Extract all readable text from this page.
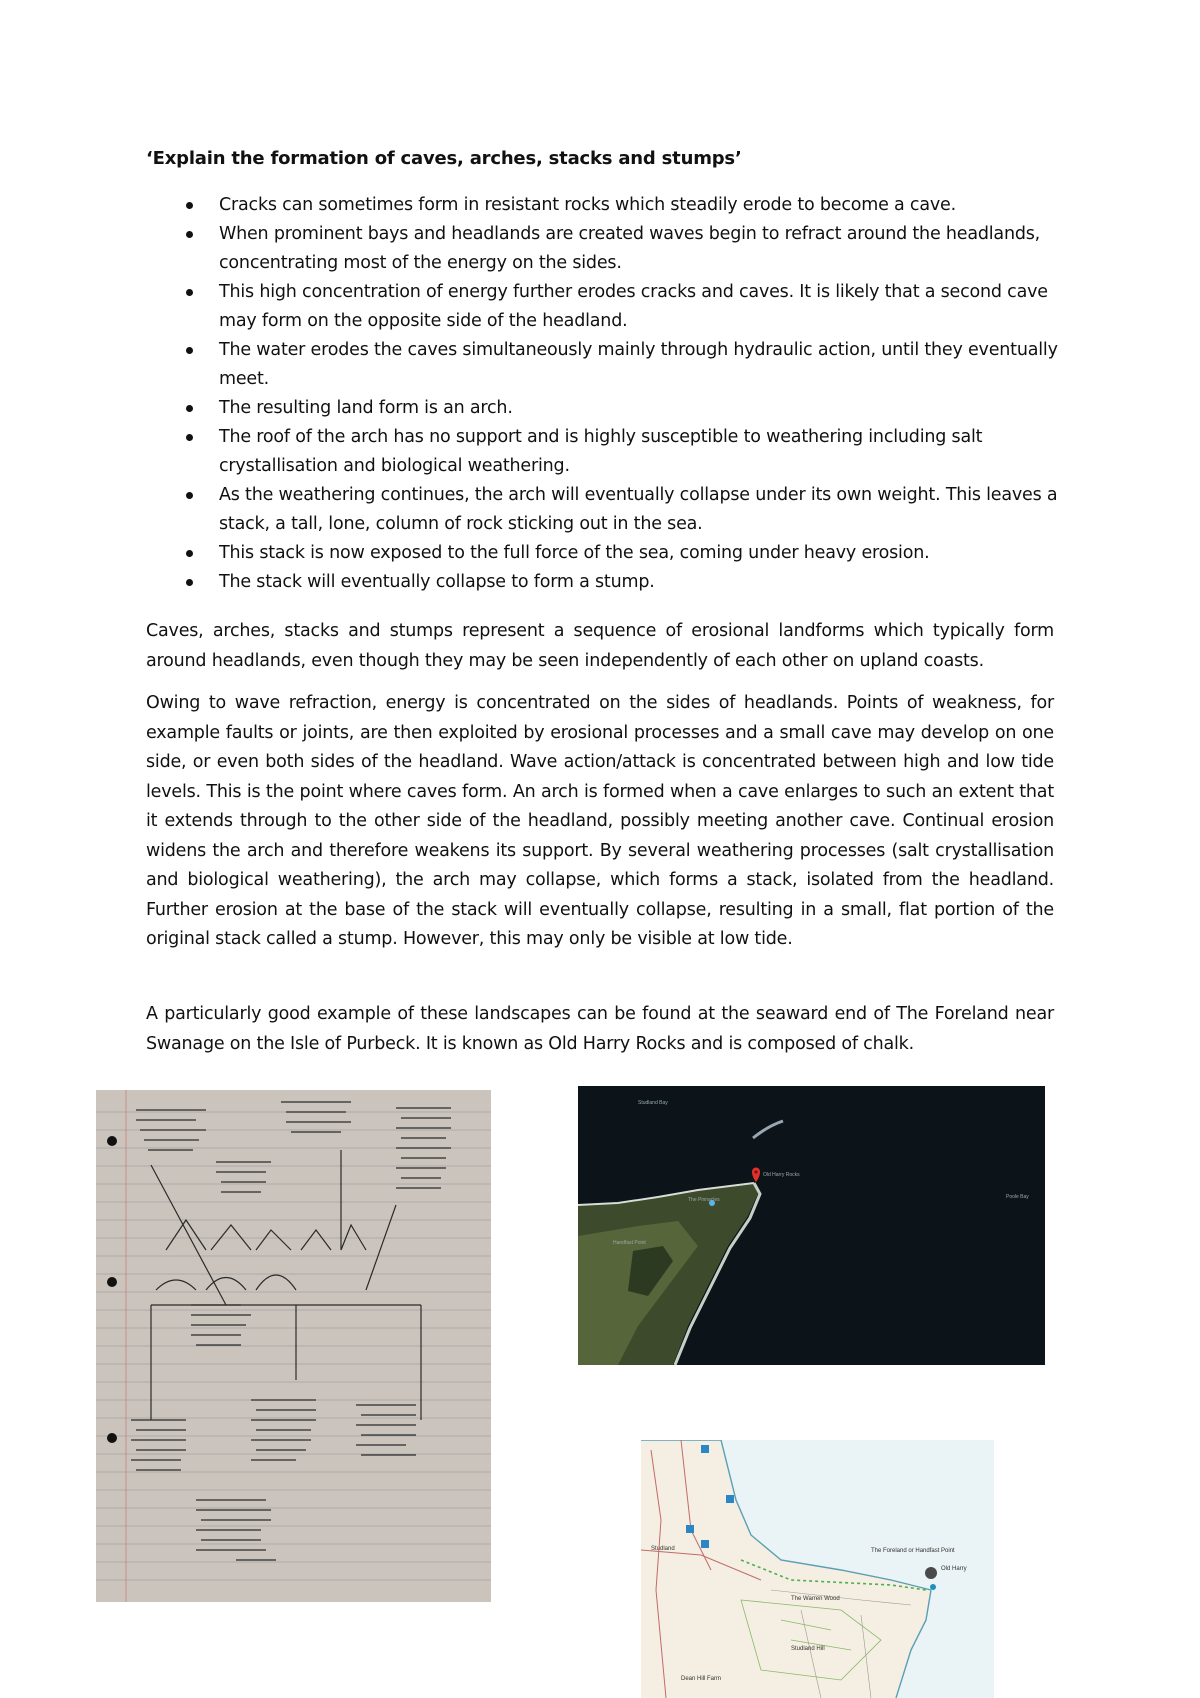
‘Explain the formation of caves, arches, stacks and stumps’
Cracks can sometimes form in resistant rocks which steadily erode to become a cave.
When prominent bays and headlands are created waves begin to refract around the headlands, concentrating most of the energy on the sides.
This high concentration of energy further erodes cracks and caves. It is likely that a second cave may form on the opposite side of the headland.
The water erodes the caves simultaneously mainly through hydraulic action, until they eventually meet.
The resulting land form is an arch.
The roof of the arch has no support and is highly susceptible to weathering including salt crystallisation and biological weathering.
As the weathering continues, the arch will eventually collapse under its own weight. This leaves a stack, a tall, lone, column of rock sticking out in the sea.
This stack is now exposed to the full force of the sea, coming under heavy erosion.
The stack will eventually collapse to form a stump.

Caves, arches, stacks and stumps represent a sequence of erosional landforms which typically form around headlands, even though they may be seen independently of each other on upland coasts.

Owing to wave refraction, energy is concentrated on the sides of headlands. Points of weakness, for example faults or joints, are then exploited by erosional processes and a small cave may develop on one side, or even both sides of the headland. Wave action/attack is concentrated between high and low tide levels. This is the point where caves form. An arch is formed when a cave enlarges to such an extent that it extends through to the other side of the headland, possibly meeting another cave. Continual erosion widens the arch and therefore weakens its support. By several weathering processes (salt crystallisation and biological weathering), the arch may collapse, which forms a stack, isolated from the headland. Further erosion at the base of the stack will eventually collapse, resulting in a small, flat portion of the original stack called a stump. However, this may only be visible at low tide.

A particularly good example of these landscapes can be found at the seaward end of The Foreland near Swanage on the Isle of Purbeck. It is known as Old Harry Rocks and is composed of chalk.

Studland Bay
Old Harry Rocks
The Pinnacles
Handfast Point
Poole Bay
Studland
Studland Hill
The Warren Wood
The Foreland or Handfast Point
Old Harry
Dean Hill Farm
